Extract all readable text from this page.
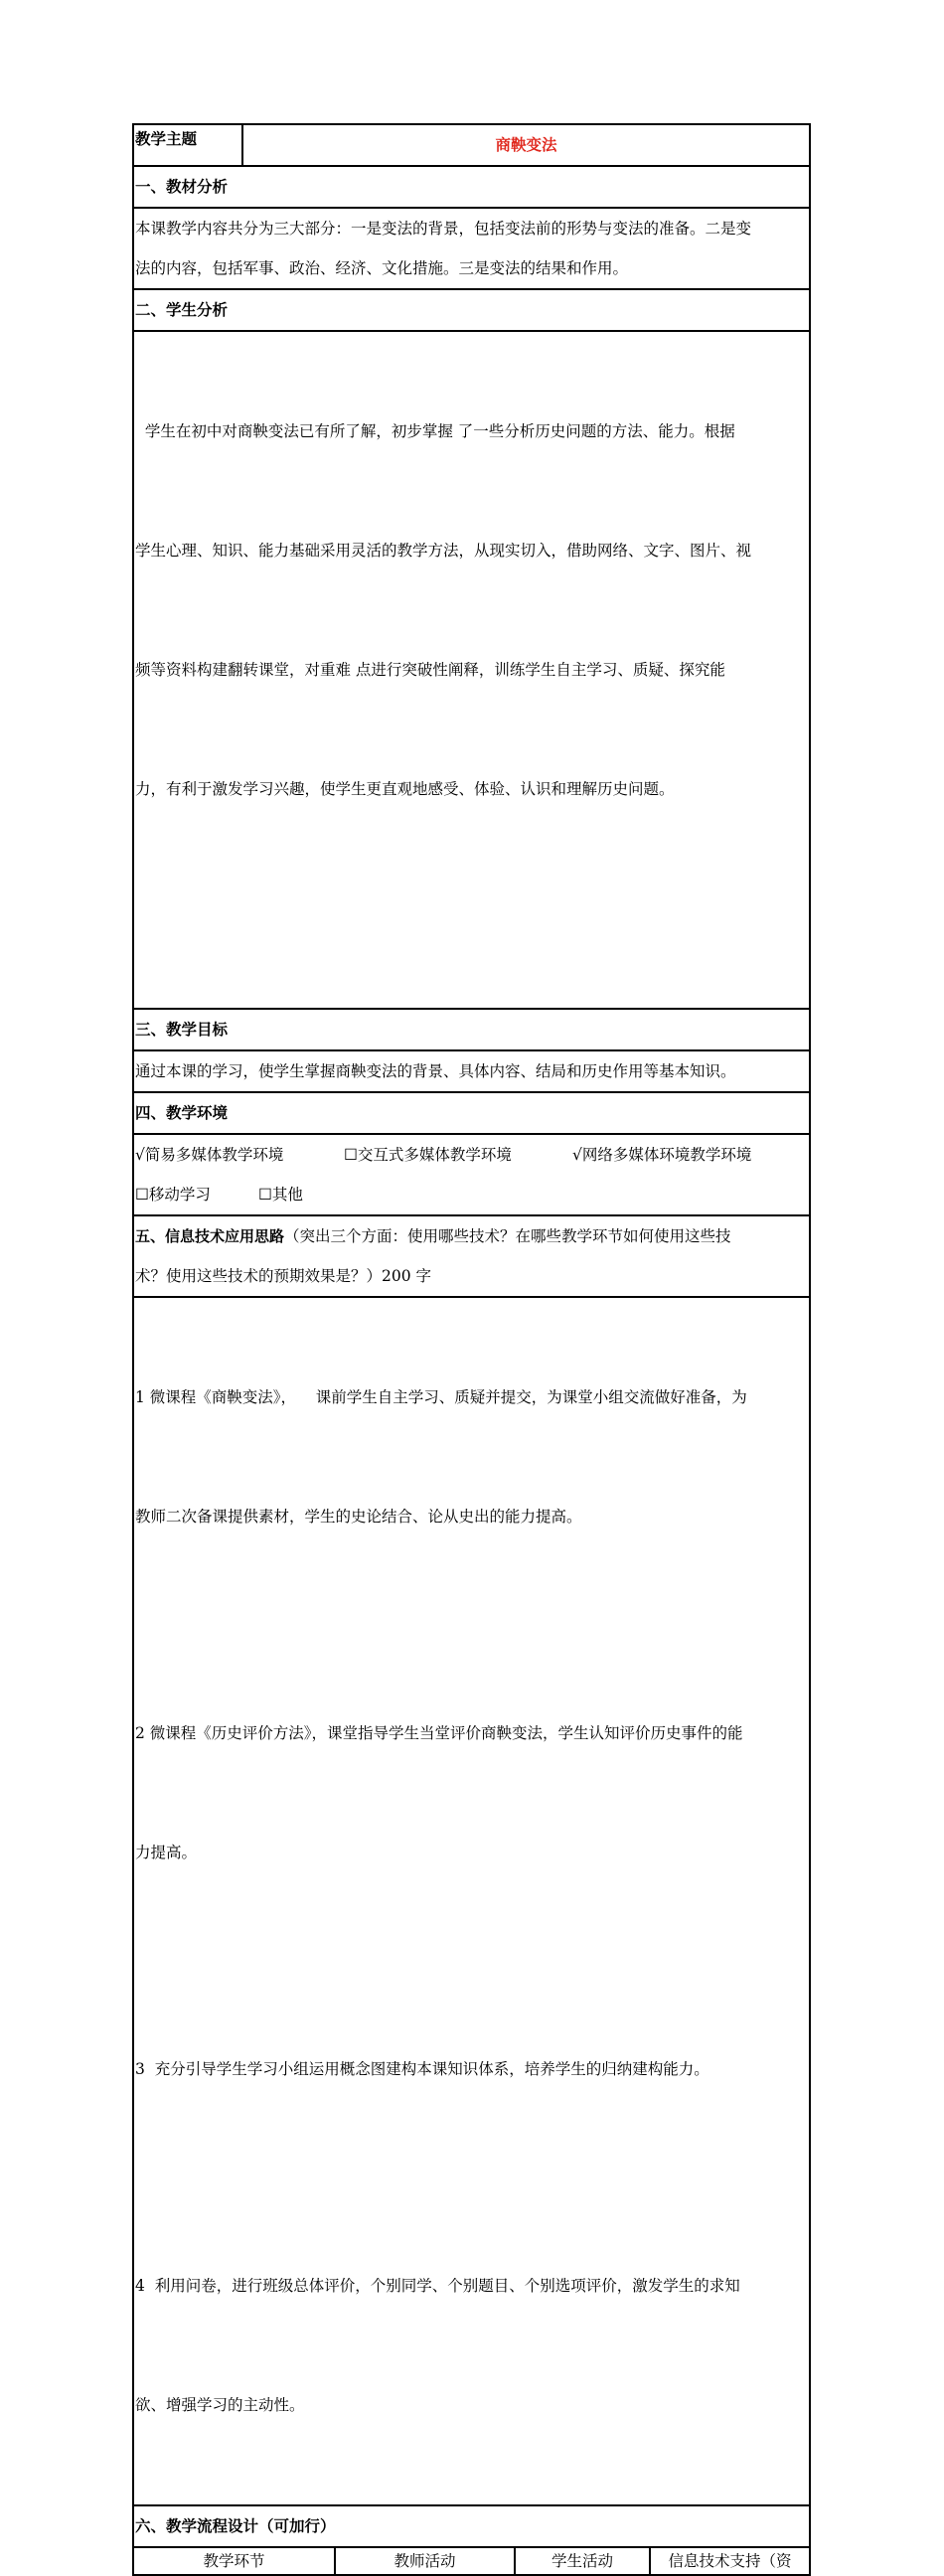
教学主题	商鞅变法
一、教材分析

本课教学内容共分为三大部分：一是变法的背景，包括变法前的形势与变法的准备。二是变
法的内容，包括军事、政治、经济、文化措施。三是变法的结果和作用。

二、学生分析

学生在初中对商鞅变法已有所了解，初步掌握 了一些分析历史问题的方法、能力。根据

学生心理、知识、能力基础采用灵活的教学方法，从现实切入，借助网络、文字、图片、视

频等资料构建翻转课堂，对重难 点进行突破性阐释，训练学生自主学习、质疑、探究能

力，有利于激发学习兴趣，使学生更直观地感受、体验、认识和理解历史问题。

三、教学目标
通过本课的学习，使学生掌握商鞅变法的背景、具体内容、结局和历史作用等基本知识。
四、教学环境

√简易多媒体教学环境	☐交互式多媒体教学环境	√网络多媒体环境教学环境
☐移动学习	☐其他

五、信息技术应用思路（突出三个方面：使用哪些技术？在哪些教学环节如何使用这些技
术？使用这些技术的预期效果是？）200 字

1 微课程《商鞅变法》，    课前学生自主学习、质疑并提交，为课堂小组交流做好准备，为

教师二次备课提供素材，学生的史论结合、论从史出的能力提高。

2 微课程《历史评价方法》，课堂指导学生当堂评价商鞅变法，学生认知评价历史事件的能

力提高。

3  充分引导学生学习小组运用概念图建构本课知识体系，培养学生的归纳建构能力。

4  利用问卷，进行班级总体评价，个别同学、个别题目、个别选项评价，激发学生的求知

欲、增强学习的主动性。

六、教学流程设计（可加行）
教学环节	教师活动	学生活动	信息技术支持（资
